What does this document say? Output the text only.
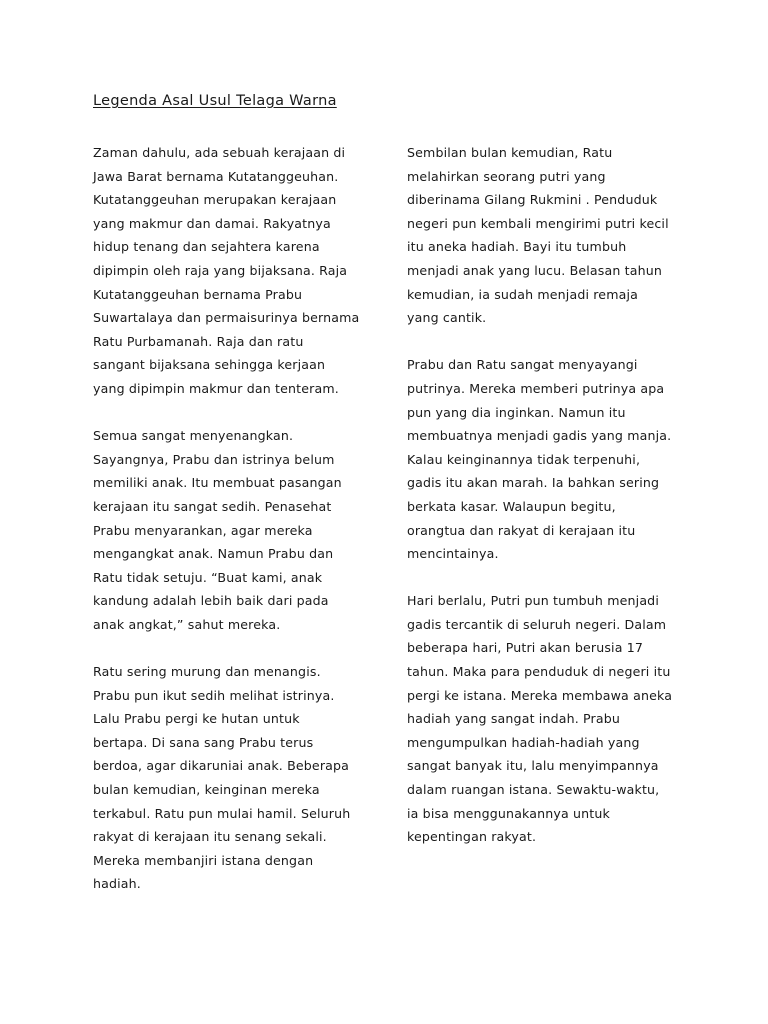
Legenda Asal Usul Telaga Warna

Zaman dahulu, ada sebuah kerajaan di
Jawa Barat bernama Kutatanggeuhan.
Kutatanggeuhan merupakan kerajaan
yang makmur dan damai. Rakyatnya
hidup tenang dan sejahtera karena
dipimpin oleh raja yang bijaksana. Raja
Kutatanggeuhan bernama Prabu
Suwartalaya dan permaisurinya bernama
Ratu Purbamanah. Raja dan ratu
sangant bijaksana sehingga kerjaan
yang dipimpin makmur dan tenteram.

Semua sangat menyenangkan.
Sayangnya, Prabu dan istrinya belum
memiliki anak. Itu membuat pasangan
kerajaan itu sangat sedih. Penasehat
Prabu menyarankan, agar mereka
mengangkat anak. Namun Prabu dan
Ratu tidak setuju. “Buat kami, anak
kandung adalah lebih baik dari pada
anak angkat,” sahut mereka.

Ratu sering murung dan menangis.
Prabu pun ikut sedih melihat istrinya.
Lalu Prabu pergi ke hutan untuk
bertapa. Di sana sang Prabu terus
berdoa, agar dikaruniai anak. Beberapa
bulan kemudian, keinginan mereka
terkabul. Ratu pun mulai hamil. Seluruh
rakyat di kerajaan itu senang sekali.
Mereka membanjiri istana dengan
hadiah.

Sembilan bulan kemudian, Ratu
melahirkan seorang putri yang
diberinama Gilang Rukmini . Penduduk
negeri pun kembali mengirimi putri kecil
itu aneka hadiah. Bayi itu tumbuh
menjadi anak yang lucu. Belasan tahun
kemudian, ia sudah menjadi remaja
yang cantik.

Prabu dan Ratu sangat menyayangi
putrinya. Mereka memberi putrinya apa
pun yang dia inginkan. Namun itu
membuatnya menjadi gadis yang manja.
Kalau keinginannya tidak terpenuhi,
gadis itu akan marah. Ia bahkan sering
berkata kasar. Walaupun begitu,
orangtua dan rakyat di kerajaan itu
mencintainya.

Hari berlalu, Putri pun tumbuh menjadi
gadis tercantik di seluruh negeri. Dalam
beberapa hari, Putri akan berusia 17
tahun. Maka para penduduk di negeri itu
pergi ke istana. Mereka membawa aneka
hadiah yang sangat indah. Prabu
mengumpulkan hadiah-hadiah yang
sangat banyak itu, lalu menyimpannya
dalam ruangan istana. Sewaktu-waktu,
ia bisa menggunakannya untuk
kepentingan rakyat.
